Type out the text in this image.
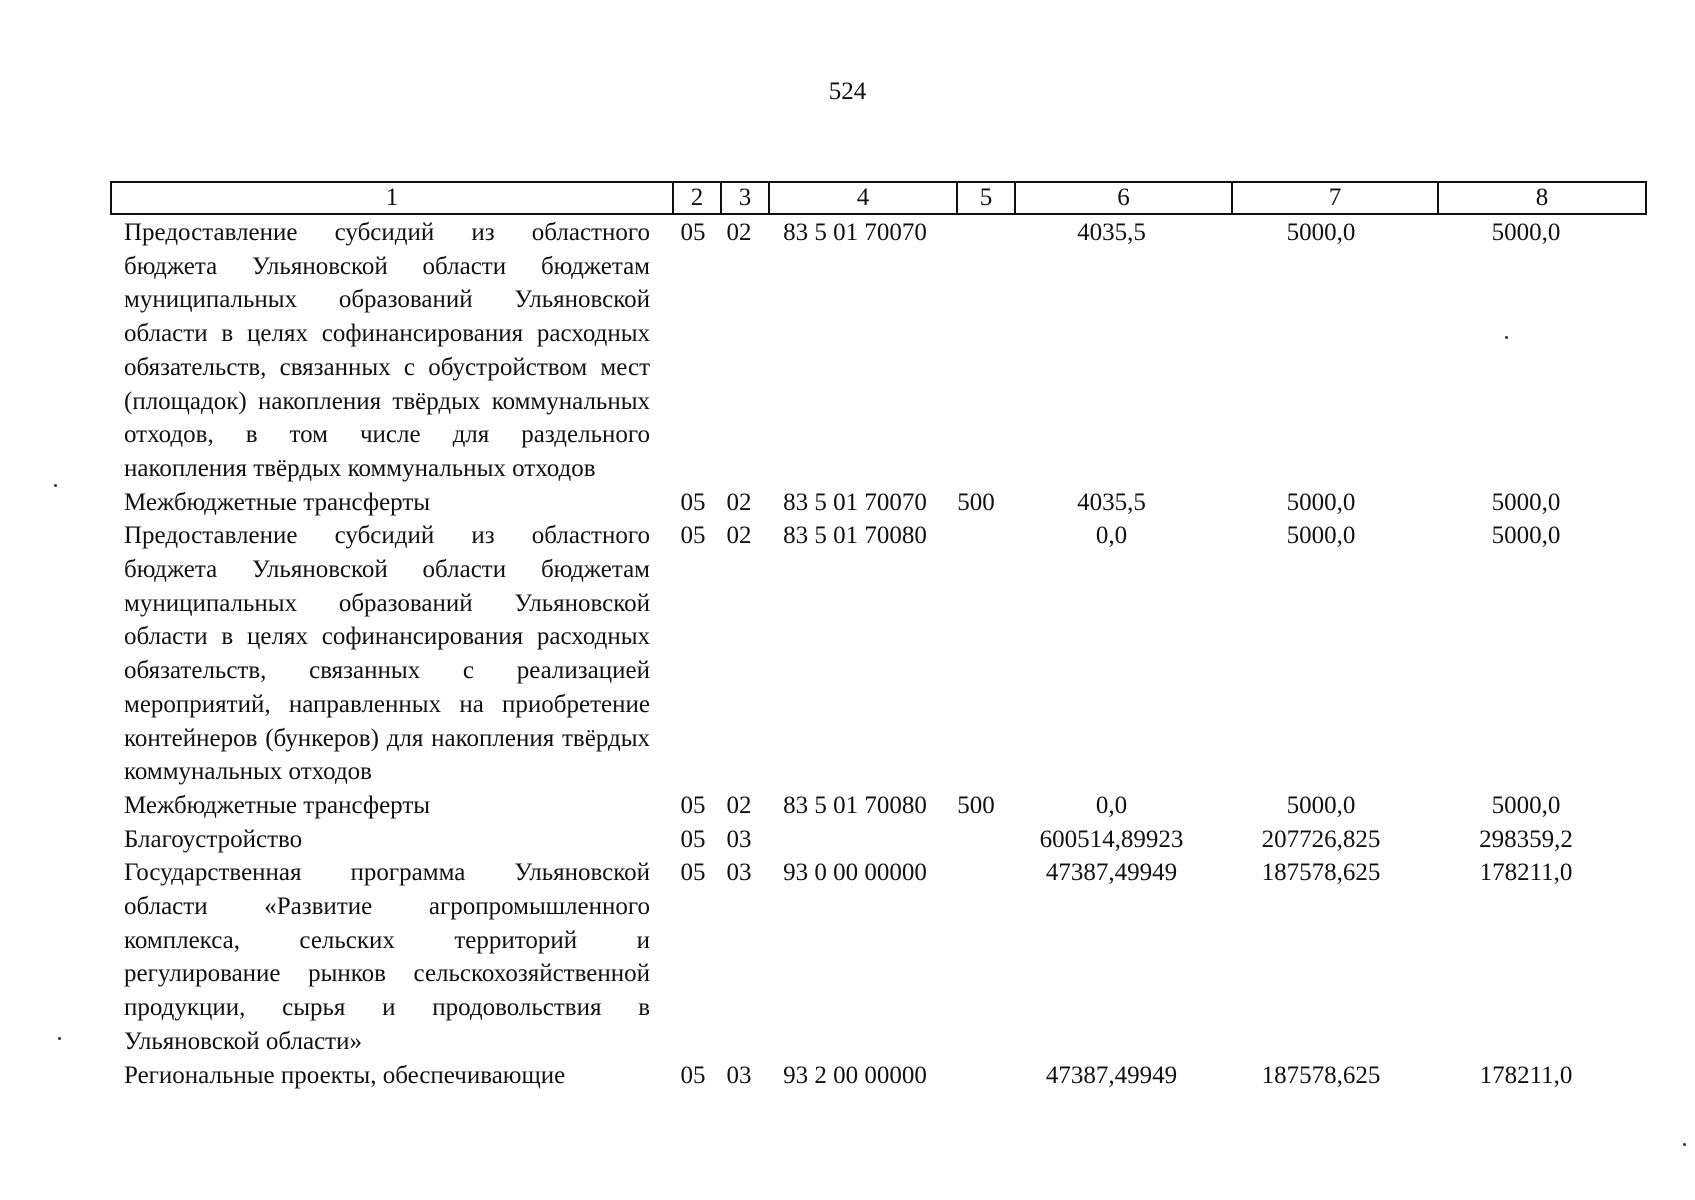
524
1	2	3	4	5	6	7	8
Предоставление субсидий из областного бюджета Ульяновской области бюджетам муниципальных образований Ульяновской области в целях софинансирования расходных обязательств, связанных с обустройством мест (площадок) накопления твёрдых коммунальных отходов, в том числе для раздельного накопления твёрдых коммунальных отходов	05	02	83 5 01 70070		4035,5	5000,0	5000,0
Межбюджетные трансферты	05	02	83 5 01 70070	500	4035,5	5000,0	5000,0
Предоставление субсидий из областного бюджета Ульяновской области бюджетам муниципальных образований Ульяновской области в целях софинансирования расходных обязательств, связанных с реализацией мероприятий, направленных на приобретение контейнеров (бункеров) для накопления твёрдых коммунальных отходов	05	02	83 5 01 70080		0,0	5000,0	5000,0
Межбюджетные трансферты	05	02	83 5 01 70080	500	0,0	5000,0	5000,0
Благоустройство	05	03			600514,89923	207726,825	298359,2
Государственная программа Ульяновской области «Развитие агропромышленного комплекса, сельских территорий и регулирование рынков сельскохозяйственной продукции, сырья и продовольствия в Ульяновской области»	05	03	93 0 00 00000		47387,49949	187578,625	178211,0
Региональные проекты, обеспечивающие	05	03	93 2 00 00000		47387,49949	187578,625	178211,0
